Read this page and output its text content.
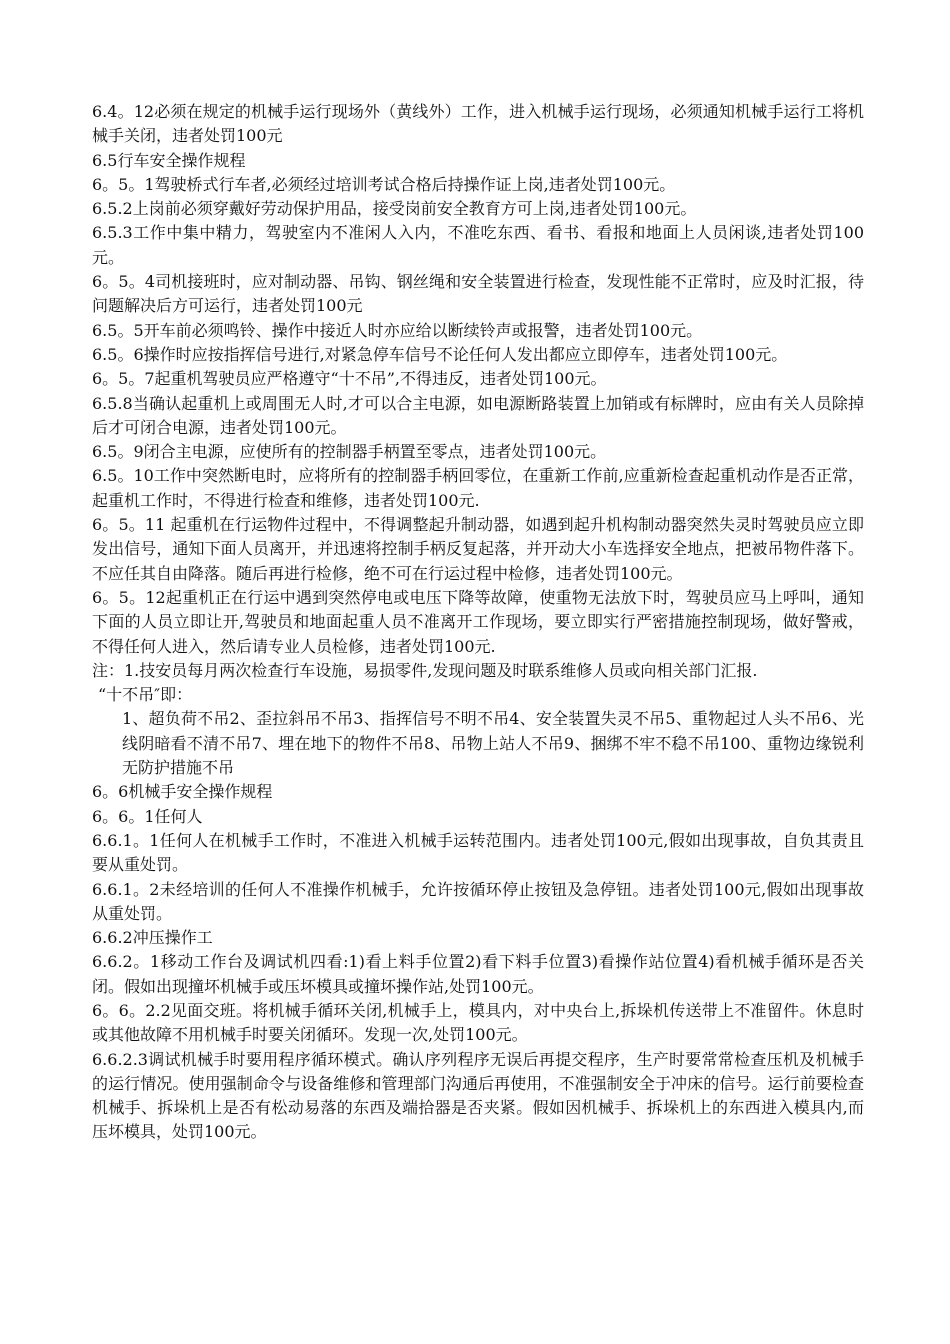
6.4。12必须在规定的机械手运行现场外（黄线外）工作，进入机械手运行现场，必须通知机械手运行工将机械手关闭，违者处罚100元

6.5行车安全操作规程

6。5。1驾驶桥式行车者,必须经过培训考试合格后持操作证上岗,违者处罚100元。

6.5.2上岗前必须穿戴好劳动保护用品，接受岗前安全教育方可上岗,违者处罚100元。

6.5.3工作中集中精力，驾驶室内不准闲人入内，不准吃东西、看书、看报和地面上人员闲谈,违者处罚100元。

6。5。4司机接班时，应对制动器、吊钩、钢丝绳和安全装置进行检查，发现性能不正常时，应及时汇报，待问题解决后方可运行，违者处罚100元

6.5。5开车前必须鸣铃、操作中接近人时亦应给以断续铃声或报警，违者处罚100元。

6.5。6操作时应按指挥信号进行,对紧急停车信号不论任何人发出都应立即停车，违者处罚100元。

6。5。7起重机驾驶员应严格遵守“十不吊”,不得违反，违者处罚100元。

6.5.8当确认起重机上或周围无人时,才可以合主电源，如电源断路装置上加销或有标牌时，应由有关人员除掉后才可闭合电源，违者处罚100元。

6.5。9闭合主电源，应使所有的控制器手柄置至零点，违者处罚100元。

6.5。10工作中突然断电时，应将所有的控制器手柄回零位，在重新工作前,应重新检查起重机动作是否正常，起重机工作时，不得进行检查和维修，违者处罚100元.

6。5。11 起重机在行运物件过程中，不得调整起升制动器，如遇到起升机构制动器突然失灵时驾驶员应立即发出信号，通知下面人员离开，并迅速将控制手柄反复起落，并开动大小车选择安全地点，把被吊物件落下。不应任其自由降落。随后再进行检修，绝不可在行运过程中检修，违者处罚100元。

6。5。12起重机正在行运中遇到突然停电或电压下降等故障，使重物无法放下时，驾驶员应马上呼叫，通知下面的人员立即让开,驾驶员和地面起重人员不准离开工作现场，要立即实行严密措施控制现场，做好警戒，不得任何人进入，然后请专业人员检修，违者处罚100元.

注：1.技安员每月两次检查行车设施，易损零件,发现问题及时联系维修人员或向相关部门汇报.

“十不吊″即：

1、超负荷不吊2、歪拉斜吊不吊3、指挥信号不明不吊4、安全装置失灵不吊5、重物起过人头不吊6、光线阴暗看不清不吊7、埋在地下的物件不吊8、吊物上站人不吊9、捆绑不牢不稳不吊100、重物边缘锐利无防护措施不吊

6。6机械手安全操作规程

6。6。1任何人

6.6.1。1任何人在机械手工作时，不准进入机械手运转范围内。违者处罚100元,假如出现事故，自负其责且要从重处罚。

6.6.1。2未经培训的任何人不准操作机械手，允许按循环停止按钮及急停钮。违者处罚100元,假如出现事故从重处罚。

6.6.2冲压操作工

6.6.2。1移动工作台及调试机四看:1)看上料手位置2)看下料手位置3)看操作站位置4)看机械手循环是否关闭。假如出现撞坏机械手或压坏模具或撞坏操作站,处罚100元。

6。6。2.2见面交班。将机械手循环关闭,机械手上，模具内，对中央台上,拆垛机传送带上不准留件。休息时或其他故障不用机械手时要关闭循环。发现一次,处罚100元。

6.6.2.3调试机械手时要用程序循环模式。确认序列程序无误后再提交程序，生产时要常常检查压机及机械手的运行情况。使用强制命令与设备维修和管理部门沟通后再使用，不准强制安全于冲床的信号。运行前要检查机械手、拆垛机上是否有松动易落的东西及端拾器是否夹紧。假如因机械手、拆垛机上的东西进入模具内,而压坏模具，处罚100元。
